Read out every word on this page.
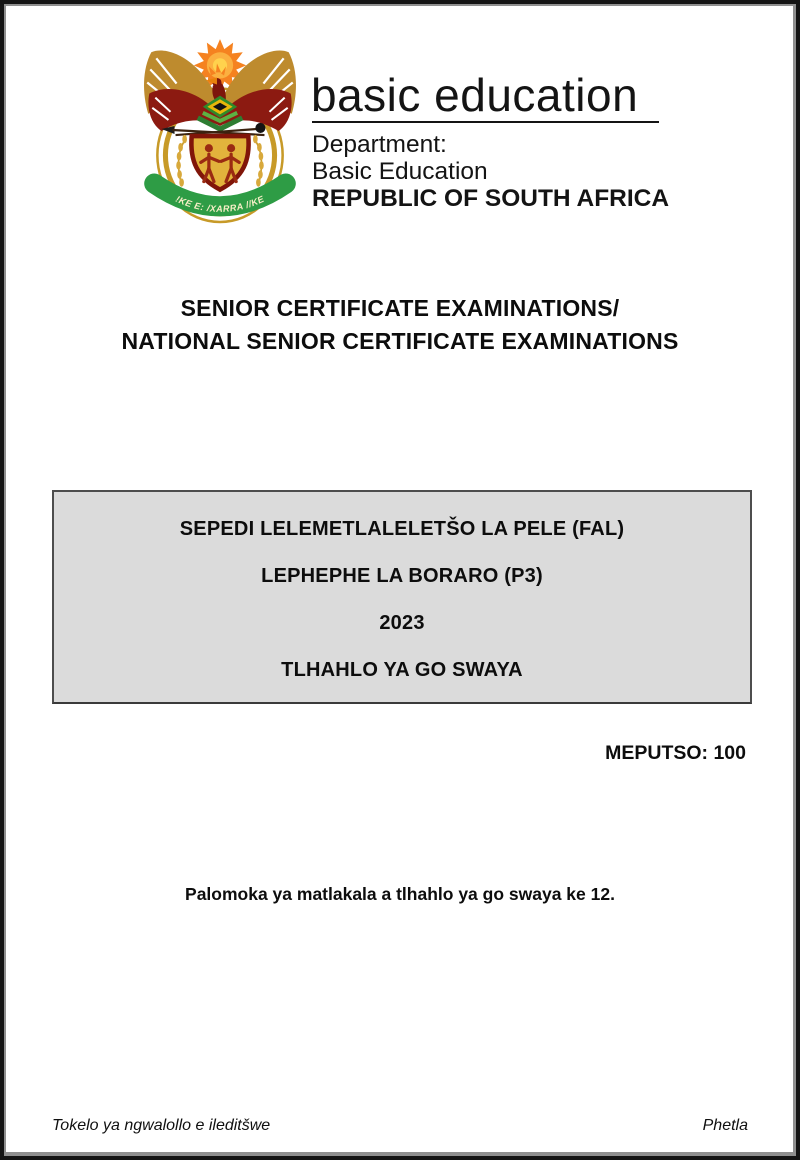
!KE E: /XARRA //KE
basic education
Department:
Basic Education
REPUBLIC OF SOUTH AFRICA
SENIOR CERTIFICATE EXAMINATIONS/
NATIONAL SENIOR CERTIFICATE EXAMINATIONS
SEPEDI LELEMETLALELETŠO LA PELE (FAL)
LEPHEPHE LA BORARO (P3)
2023
TLHAHLO YA GO SWAYA
MEPUTSO: 100
Palomoka ya matlakala a tlhahlo ya go swaya ke 12.
Tokelo ya ngwalollo e ileditšwe	Phetla
